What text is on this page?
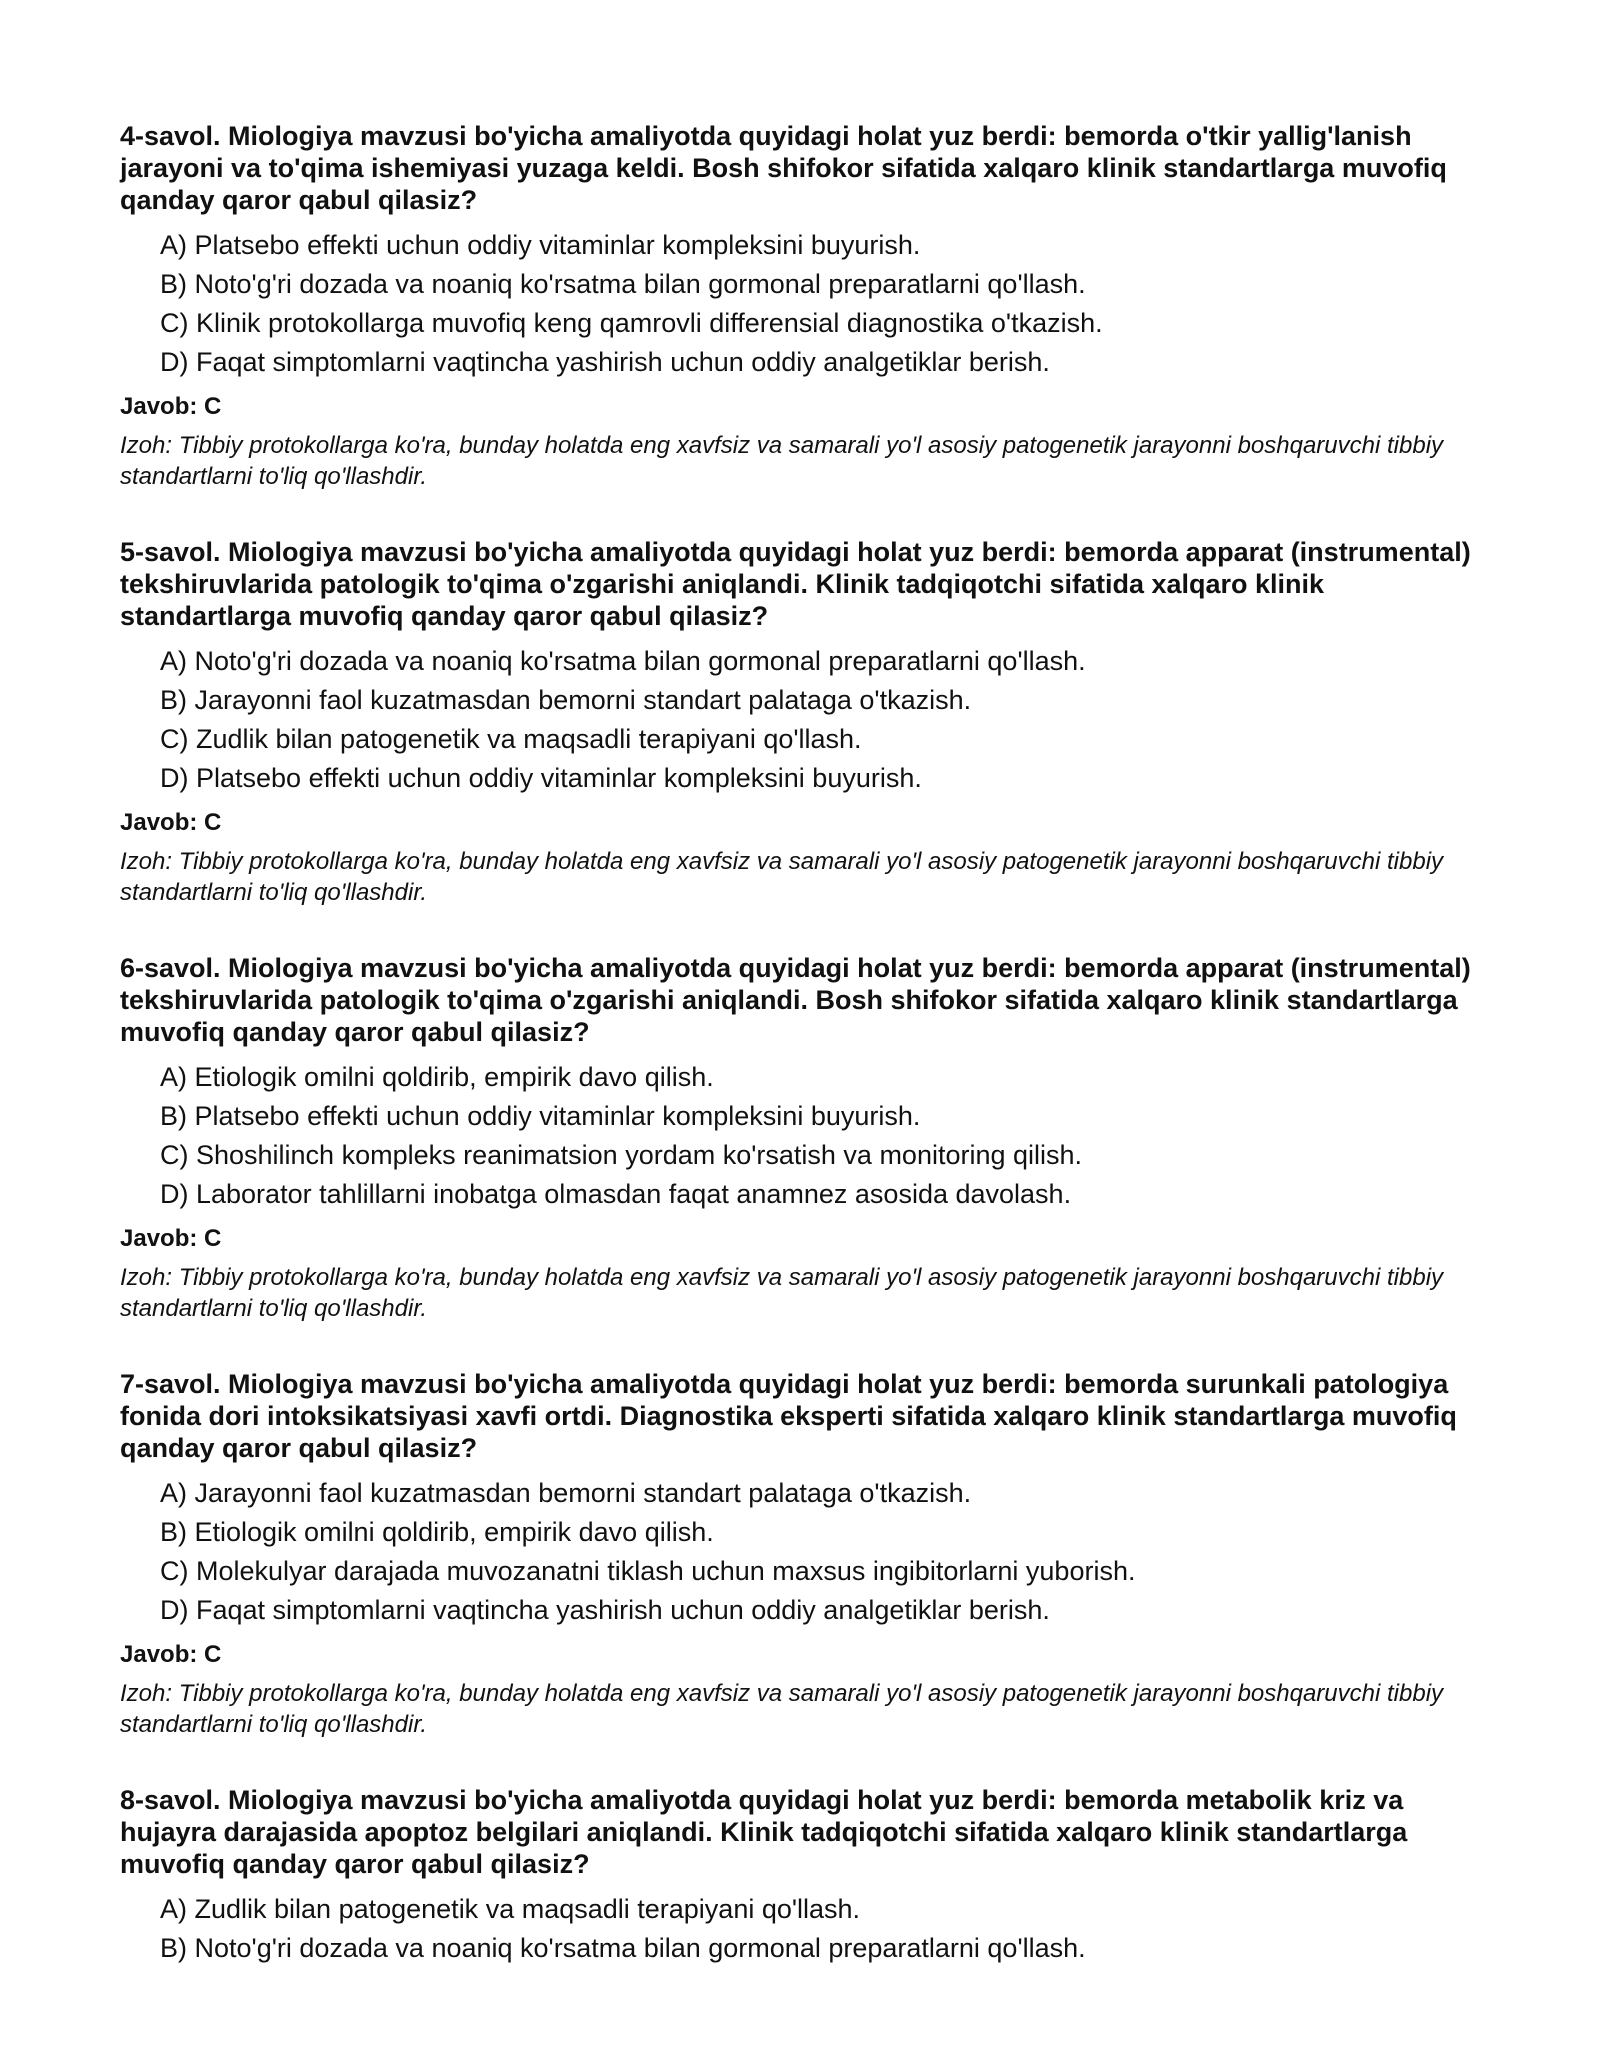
4-savol. Miologiya mavzusi bo'yicha amaliyotda quyidagi holat yuz berdi: bemorda o'tkir yallig'lanish jarayoni va to'qima ishemiyasi yuzaga keldi. Bosh shifokor sifatida xalqaro klinik standartlarga muvofiq qanday qaror qabul qilasiz?

A) Platsebo effekti uchun oddiy vitaminlar kompleksini buyurish.
B) Noto'g'ri dozada va noaniq ko'rsatma bilan gormonal preparatlarni qo'llash.
C) Klinik protokollarga muvofiq keng qamrovli differensial diagnostika o'tkazish.
D) Faqat simptomlarni vaqtincha yashirish uchun oddiy analgetiklar berish.

Javob: C

Izoh: Tibbiy protokollarga ko'ra, bunday holatda eng xavfsiz va samarali yo'l asosiy patogenetik jarayonni boshqaruvchi tibbiy standartlarni to'liq qo'llashdir.

5-savol. Miologiya mavzusi bo'yicha amaliyotda quyidagi holat yuz berdi: bemorda apparat (instrumental) tekshiruvlarida patologik to'qima o'zgarishi aniqlandi. Klinik tadqiqotchi sifatida xalqaro klinik standartlarga muvofiq qanday qaror qabul qilasiz?

A) Noto'g'ri dozada va noaniq ko'rsatma bilan gormonal preparatlarni qo'llash.
B) Jarayonni faol kuzatmasdan bemorni standart palataga o'tkazish.
C) Zudlik bilan patogenetik va maqsadli terapiyani qo'llash.
D) Platsebo effekti uchun oddiy vitaminlar kompleksini buyurish.

Javob: C

Izoh: Tibbiy protokollarga ko'ra, bunday holatda eng xavfsiz va samarali yo'l asosiy patogenetik jarayonni boshqaruvchi tibbiy standartlarni to'liq qo'llashdir.

6-savol. Miologiya mavzusi bo'yicha amaliyotda quyidagi holat yuz berdi: bemorda apparat (instrumental) tekshiruvlarida patologik to'qima o'zgarishi aniqlandi. Bosh shifokor sifatida xalqaro klinik standartlarga muvofiq qanday qaror qabul qilasiz?

A) Etiologik omilni qoldirib, empirik davo qilish.
B) Platsebo effekti uchun oddiy vitaminlar kompleksini buyurish.
C) Shoshilinch kompleks reanimatsion yordam ko'rsatish va monitoring qilish.
D) Laborator tahlillarni inobatga olmasdan faqat anamnez asosida davolash.

Javob: C

Izoh: Tibbiy protokollarga ko'ra, bunday holatda eng xavfsiz va samarali yo'l asosiy patogenetik jarayonni boshqaruvchi tibbiy standartlarni to'liq qo'llashdir.

7-savol. Miologiya mavzusi bo'yicha amaliyotda quyidagi holat yuz berdi: bemorda surunkali patologiya fonida dori intoksikatsiyasi xavfi ortdi. Diagnostika eksperti sifatida xalqaro klinik standartlarga muvofiq qanday qaror qabul qilasiz?

A) Jarayonni faol kuzatmasdan bemorni standart palataga o'tkazish.
B) Etiologik omilni qoldirib, empirik davo qilish.
C) Molekulyar darajada muvozanatni tiklash uchun maxsus ingibitorlarni yuborish.
D) Faqat simptomlarni vaqtincha yashirish uchun oddiy analgetiklar berish.

Javob: C

Izoh: Tibbiy protokollarga ko'ra, bunday holatda eng xavfsiz va samarali yo'l asosiy patogenetik jarayonni boshqaruvchi tibbiy standartlarni to'liq qo'llashdir.

8-savol. Miologiya mavzusi bo'yicha amaliyotda quyidagi holat yuz berdi: bemorda metabolik kriz va hujayra darajasida apoptoz belgilari aniqlandi. Klinik tadqiqotchi sifatida xalqaro klinik standartlarga muvofiq qanday qaror qabul qilasiz?

A) Zudlik bilan patogenetik va maqsadli terapiyani qo'llash.
B) Noto'g'ri dozada va noaniq ko'rsatma bilan gormonal preparatlarni qo'llash.
